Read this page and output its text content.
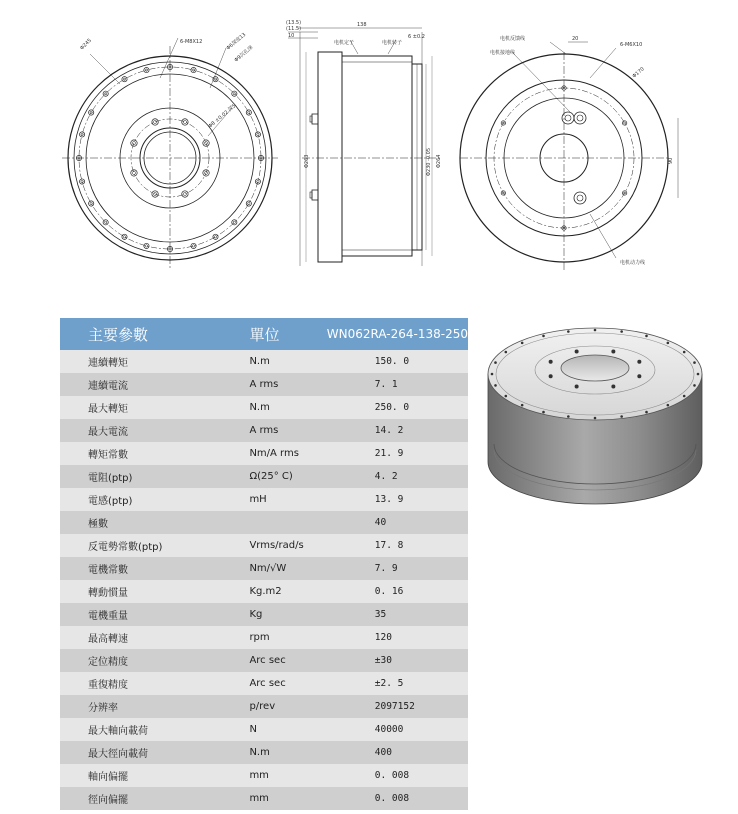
Φ245	6-M8X12	Φ6深度13
Φ9沉孔深
Φ8 ±0.02 深5
(13.5)
(11.5)
10
138
6 ±0.2
电机定子	电机转子
Φ263	Φ230 -0.05 Φ264
电机反馈线
电机接地线
20
6-M6X10
Φ170
90
电机动力线
主要參數	單位	WN062RA-264-138-250
連續轉矩	N.m	150. 0
連續電流	A rms	7. 1
最大轉矩	N.m	250. 0
最大電流	A rms	14. 2
轉矩常數	Nm/A rms	21. 9
電阻(ptp)	Ω(25° C)	4. 2
電感(ptp)	mH	13. 9
極數		40
反電勢常數(ptp)	Vrms/rad/s	17. 8
電機常數	Nm/√W	7. 9
轉動慣量	Kg.m2	0. 16
電機重量	Kg	35
最高轉速	rpm	120
定位精度	Arc sec	±30
重復精度	Arc sec	±2. 5
分辨率	p/rev	2097152
最大軸向載荷	N	40000
最大徑向載荷	N.m	400
軸向偏擺	mm	0. 008
徑向偏擺	mm	0. 008
